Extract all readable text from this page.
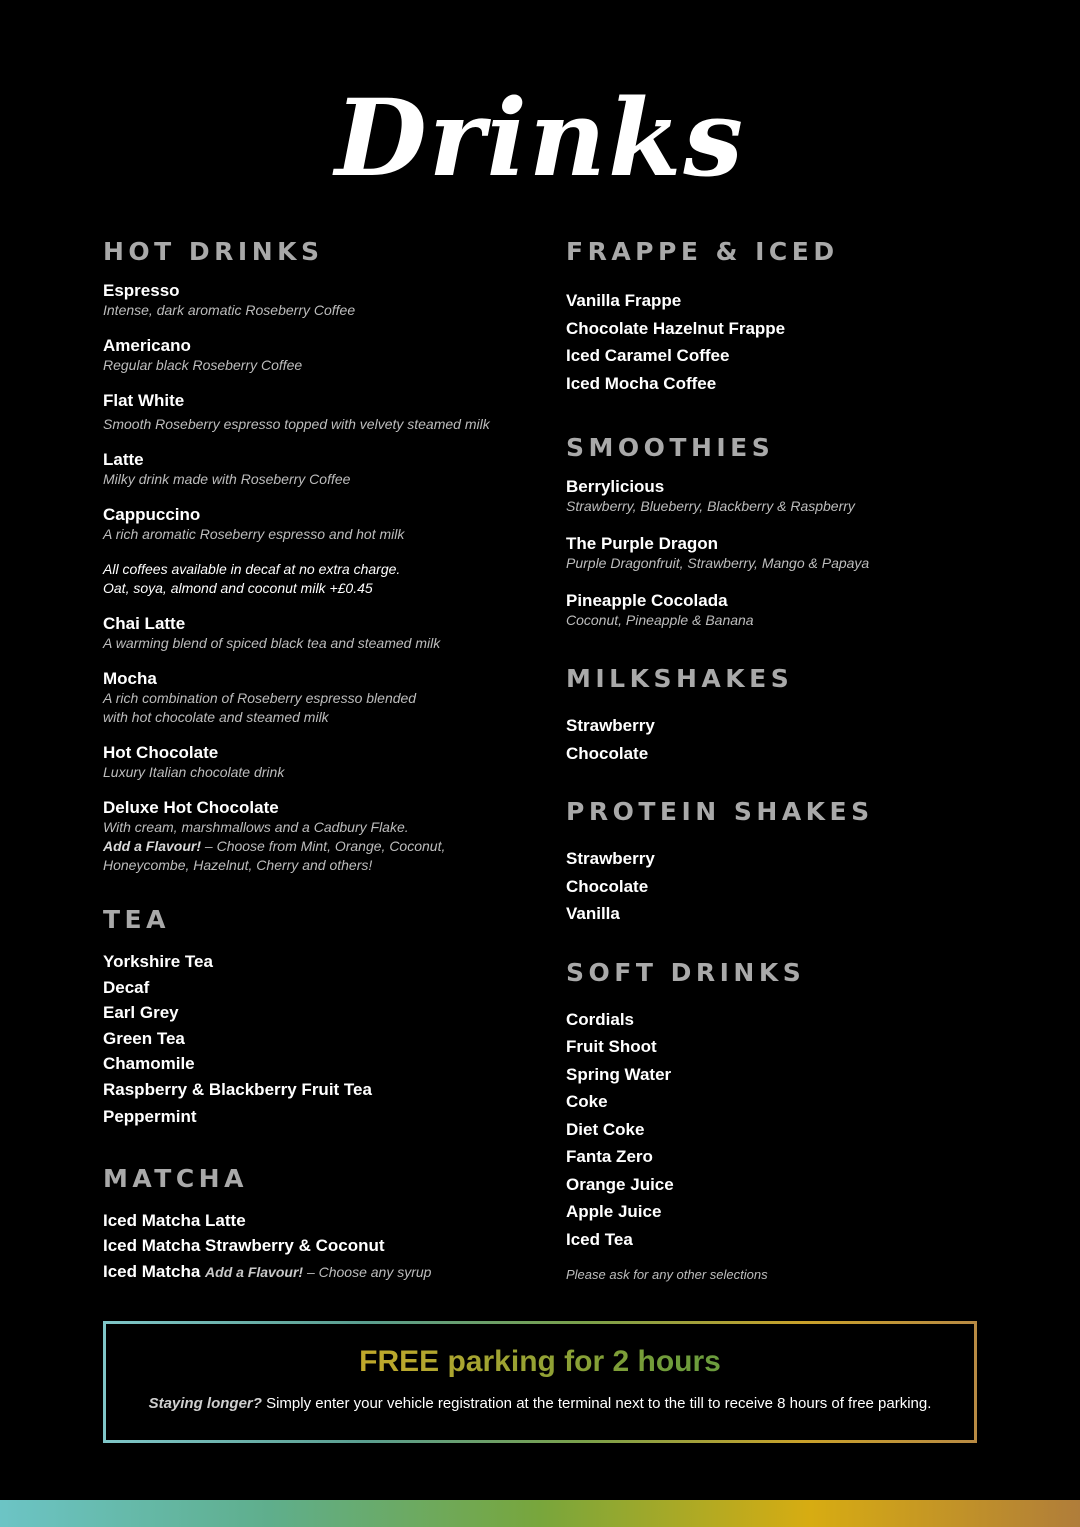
Drinks
HOT DRINKS
Espresso
Intense, dark aromatic Roseberry Coffee
Americano
Regular black Roseberry Coffee
Flat White
Smooth Roseberry espresso topped with velvety steamed milk
Latte
Milky drink made with Roseberry Coffee
Cappuccino
A rich aromatic Roseberry espresso and hot milk
All coffees available in decaf at no extra charge.
Oat, soya, almond and coconut milk +£0.45
Chai Latte
A warming blend of spiced black tea and steamed milk
Mocha
A rich combination of Roseberry espresso blended
with hot chocolate and steamed milk
Hot Chocolate
Luxury Italian chocolate drink
Deluxe Hot Chocolate
With cream, marshmallows and a Cadbury Flake.
Add a Flavour! – Choose from Mint, Orange, Coconut,
Honeycombe, Hazelnut, Cherry and others!
TEA
Yorkshire Tea
Decaf
Earl Grey
Green Tea
Chamomile
Raspberry & Blackberry Fruit Tea
Peppermint
MATCHA
Iced Matcha Latte
Iced Matcha Strawberry & Coconut
Iced Matcha Add a Flavour! – Choose any syrup
FRAPPE & ICED
Vanilla Frappe
Chocolate Hazelnut Frappe
Iced Caramel Coffee
Iced Mocha Coffee
SMOOTHIES
Berrylicious
Strawberry, Blueberry, Blackberry & Raspberry
The Purple Dragon
Purple Dragonfruit, Strawberry, Mango & Papaya
Pineapple Cocolada
Coconut, Pineapple & Banana
MILKSHAKES
Strawberry
Chocolate
PROTEIN SHAKES
Strawberry
Chocolate
Vanilla
SOFT DRINKS
Cordials
Fruit Shoot
Spring Water
Coke
Diet Coke
Fanta Zero
Orange Juice
Apple Juice
Iced Tea
Please ask for any other selections
FREE parking for 2 hours
Staying longer? Simply enter your vehicle registration at the terminal next to the till to receive 8 hours of free parking.
